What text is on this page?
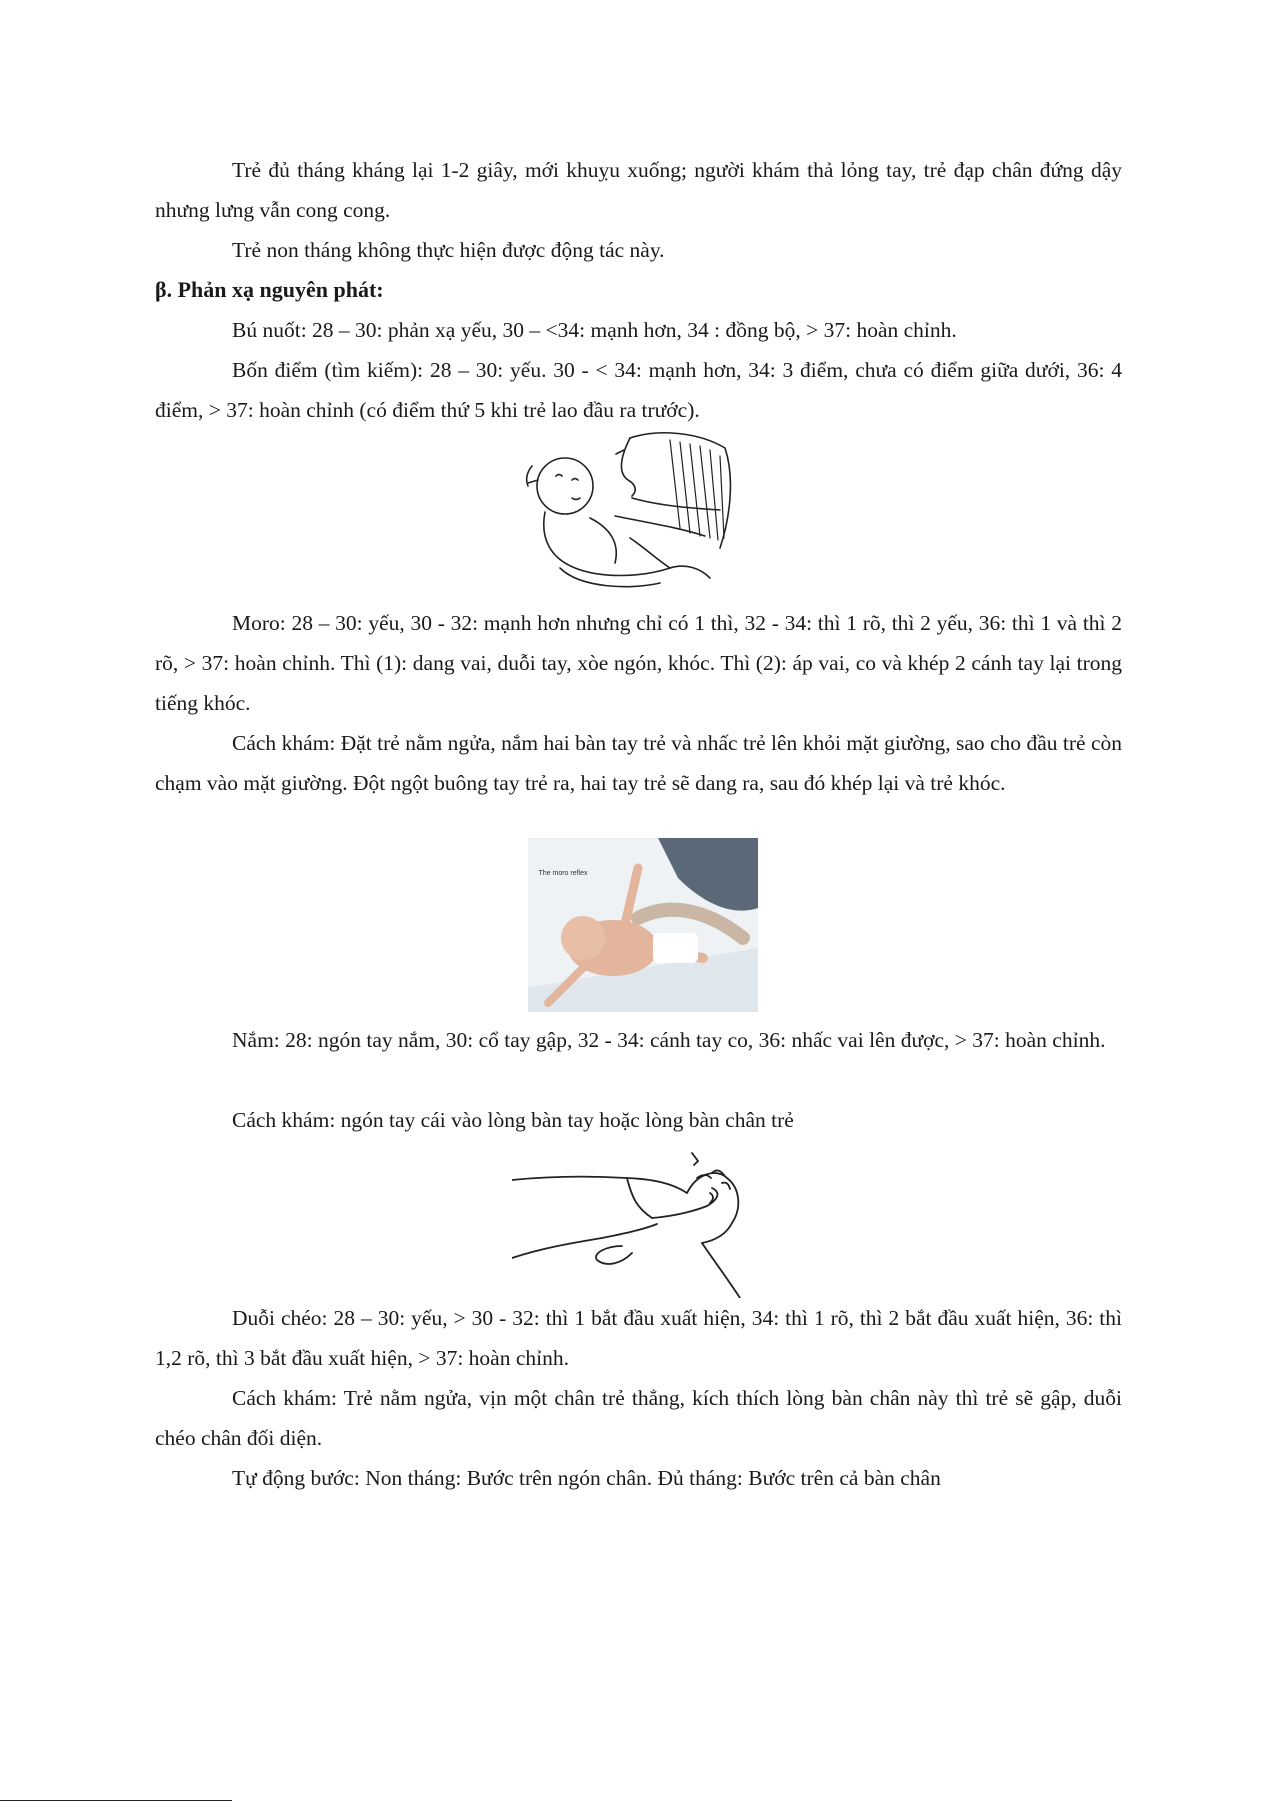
Trẻ đủ tháng kháng lại 1-2 giây, mới khuỵu xuống; người khám thả lỏng tay, trẻ đạp chân đứng dậy nhưng lưng vẫn cong cong.

Trẻ non tháng không thực hiện được động tác này.

β. Phản xạ nguyên phát:

Bú nuốt: 28 – 30: phản xạ yếu, 30 – <34: mạnh hơn, 34 : đồng bộ, > 37: hoàn chỉnh.

Bốn điểm (tìm kiếm): 28 – 30: yếu. 30 - < 34: mạnh hơn, 34: 3 điểm, chưa có điểm giữa dưới, 36: 4 điểm, > 37: hoàn chỉnh (có điểm thứ 5 khi trẻ lao đầu ra trước).

Moro: 28 – 30: yếu, 30 - 32: mạnh hơn nhưng chỉ có 1 thì, 32 - 34: thì 1 rõ, thì 2 yếu, 36: thì 1 và thì 2 rõ, > 37: hoàn chỉnh. Thì (1): dang vai, duỗi tay, xòe ngón, khóc. Thì (2): áp vai, co và khép 2 cánh tay lại trong tiếng khóc.

Cách khám: Đặt trẻ nằm ngửa, nắm hai bàn tay trẻ và nhấc trẻ lên khỏi mặt giường, sao cho đầu trẻ còn chạm vào mặt giường. Đột ngột buông tay trẻ ra, hai tay trẻ sẽ dang ra, sau đó khép lại và trẻ khóc.

The moro reflex

Nắm: 28: ngón tay nắm, 30: cổ tay gập, 32 - 34: cánh tay co, 36: nhấc vai lên được, > 37: hoàn chỉnh.

Cách khám: ngón tay cái vào lòng bàn tay hoặc lòng bàn chân trẻ

Duỗi chéo: 28 – 30: yếu, > 30 - 32: thì 1 bắt đầu xuất hiện, 34: thì 1 rõ, thì 2 bắt đầu xuất hiện, 36: thì 1,2 rõ, thì 3 bắt đầu xuất hiện, > 37: hoàn chỉnh.

Cách khám: Trẻ nằm ngửa, vịn một chân trẻ thẳng, kích thích lòng bàn chân này thì trẻ sẽ gập, duỗi chéo chân đối diện.

Tự động bước: Non tháng: Bước trên ngón chân. Đủ tháng: Bước trên cả bàn chân
